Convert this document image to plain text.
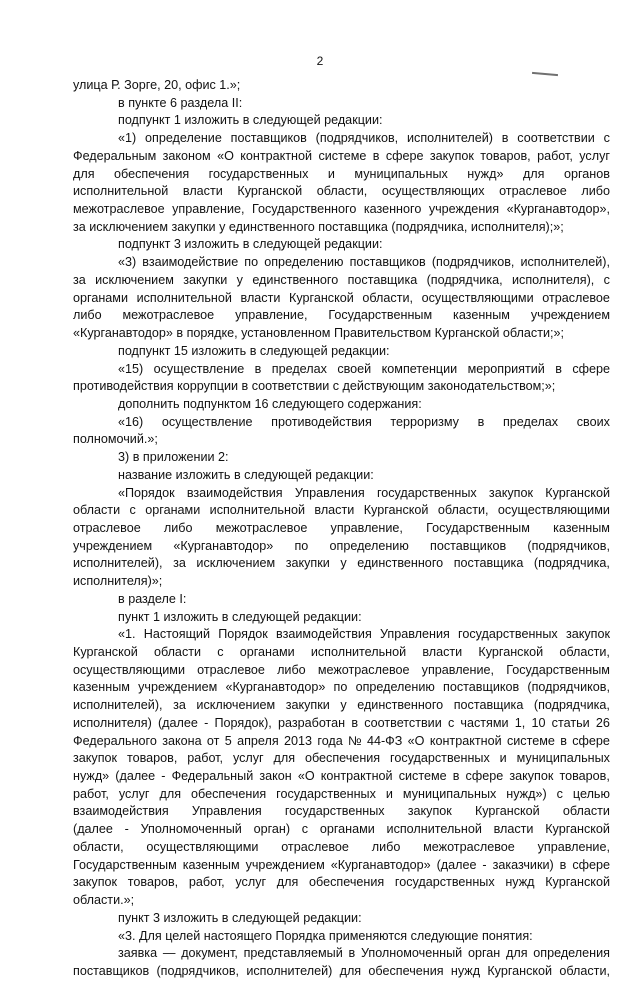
2
улица Р. Зорге, 20, офис 1.»;
в пункте 6 раздела II:
подпункт 1 изложить в следующей редакции:
«1) определение поставщиков (подрядчиков, исполнителей) в соответствии с
Федеральным законом «О контрактной системе в сфере закупок товаров, работ, услуг
для обеспечения государственных и муниципальных нужд» для органов
исполнительной власти Курганской области, осуществляющих отраслевое либо
межотраслевое управление, Государственного казенного учреждения «Курганавтодор»,
за исключением закупки у единственного поставщика (подрядчика, исполнителя);»;
подпункт 3 изложить в следующей редакции:
«3) взаимодействие по определению поставщиков (подрядчиков, исполнителей),
за исключением закупки у единственного поставщика (подрядчика, исполнителя), с
органами исполнительной власти Курганской области, осуществляющими отраслевое
либо межотраслевое управление, Государственным казенным учреждением
«Курганавтодор» в порядке, установленном Правительством Курганской области;»;
подпункт 15 изложить в следующей редакции:
«15) осуществление в пределах своей компетенции мероприятий в сфере
противодействия коррупции в соответствии с действующим законодательством;»;
дополнить подпунктом 16 следующего содержания:
«16) осуществление противодействия терроризму в пределах своих
полномочий.»;
3) в приложении 2:
название изложить в следующей редакции:
«Порядок взаимодействия Управления государственных закупок Курганской
области с органами исполнительной власти Курганской области, осуществляющими
отраслевое либо межотраслевое управление, Государственным казенным
учреждением «Курганавтодор» по определению поставщиков (подрядчиков,
исполнителей), за исключением закупки у единственного поставщика (подрядчика,
исполнителя)»;
в разделе I:
пункт 1 изложить в следующей редакции:
«1. Настоящий Порядок взаимодействия Управления государственных закупок
Курганской области с органами исполнительной власти Курганской области,
осуществляющими отраслевое либо межотраслевое управление, Государственным
казенным учреждением «Курганавтодор» по определению поставщиков (подрядчиков,
исполнителей), за исключением закупки у единственного поставщика (подрядчика,
исполнителя) (далее - Порядок), разработан в соответствии с частями 1, 10 статьи 26
Федерального закона от 5 апреля 2013 года № 44-ФЗ «О контрактной системе в сфере
закупок товаров, работ, услуг для обеспечения государственных и муниципальных
нужд» (далее - Федеральный закон «О контрактной системе в сфере закупок товаров,
работ, услуг для обеспечения государственных и муниципальных нужд») с целью
взаимодействия Управления государственных закупок Курганской области
(далее - Уполномоченный орган) с органами исполнительной власти Курганской
области, осуществляющими отраслевое либо межотраслевое управление,
Государственным казенным учреждением «Курганавтодор» (далее - заказчики) в сфере
закупок товаров, работ, услуг для обеспечения государственных нужд Курганской
области.»;
пункт 3 изложить в следующей редакции:
«3. Для целей настоящего Порядка применяются следующие понятия:
заявка — документ, представляемый в Уполномоченный орган для определения
поставщиков (подрядчиков, исполнителей) для обеспечения нужд Курганской области,
